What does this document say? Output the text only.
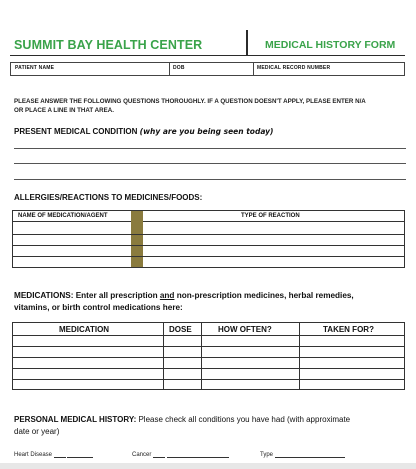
SUMMIT BAY HEALTH CENTER	MEDICAL HISTORY FORM
PATIENT NAME	DOB	MEDICAL RECORD NUMBER
PLEASE ANSWER THE FOLLOWING QUESTIONS THOROUGHLY. IF A QUESTION DOESN'T APPLY, PLEASE ENTER N/A
OR PLACE A LINE IN THAT AREA.
PRESENT MEDICAL CONDITION (why are you being seen today)
ALLERGIES/REACTIONS TO MEDICINES/FOODS:
NAME OF MEDICATION/AGENT	TYPE OF REACTION
MEDICATIONS: Enter all prescription and non-prescription medicines, herbal remedies,
vitamins, or birth control medications here:
MEDICATION	DOSE	HOW OFTEN?	TAKEN FOR?
PERSONAL MEDICAL HISTORY: Please check all conditions you have had (with approximate
date or year)
Heart Disease	Cancer	Type
